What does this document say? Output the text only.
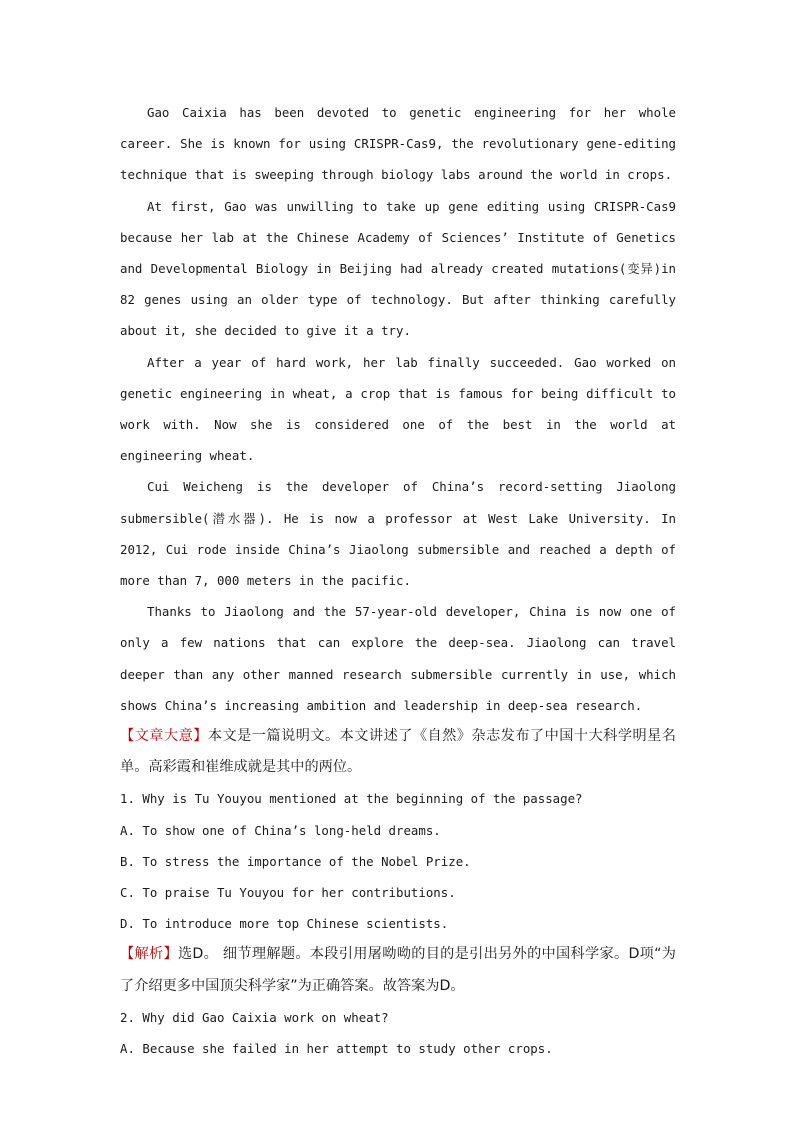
Gao Caixia has been devoted to genetic engineering for her whole career. She is known for using CRISPR-Cas9, the revolutionary gene-editing technique that is sweeping through biology labs around the world in crops.

At first, Gao was unwilling to take up gene editing using CRISPR-Cas9 because her lab at the Chinese Academy of Sciences’ Institute of Genetics and Developmental Biology in Beijing had already created mutations(变异)in 82 genes using an older type of technology. But after thinking carefully about it, she decided to give it a try.

After a year of hard work, her lab finally succeeded. Gao worked on genetic engineering in wheat, a crop that is famous for being difficult to work with. Now she is considered one of the best in the world at engineering wheat.

Cui Weicheng is the developer of China’s record-setting Jiaolong submersible(潜水器). He is now a professor at West Lake University. In 2012, Cui rode inside China’s Jiaolong submersible and reached a depth of more than 7, 000 meters in the pacific.

Thanks to Jiaolong and the 57-year-old developer, China is now one of only a few nations that can explore the deep-sea. Jiaolong can travel deeper than any other manned research submersible currently in use, which shows China’s increasing ambition and leadership in deep-sea research.

【文章大意】本文是一篇说明文。本文讲述了《自然》杂志发布了中国十大科学明星名单。高彩霞和崔维成就是其中的两位。

1. Why is Tu Youyou mentioned at the beginning of the passage?

A. To show one of China’s long-held dreams.

B. To stress the importance of the Nobel Prize.

C. To praise Tu Youyou for her contributions.

D. To introduce more top Chinese scientists.

【解析】选D。 细节理解题。本段引用屠呦呦的目的是引出另外的中国科学家。D项“为了介绍更多中国顶尖科学家”为正确答案。故答案为D。

2. Why did Gao Caixia work on wheat?

A. Because she failed in her attempt to study other crops.
